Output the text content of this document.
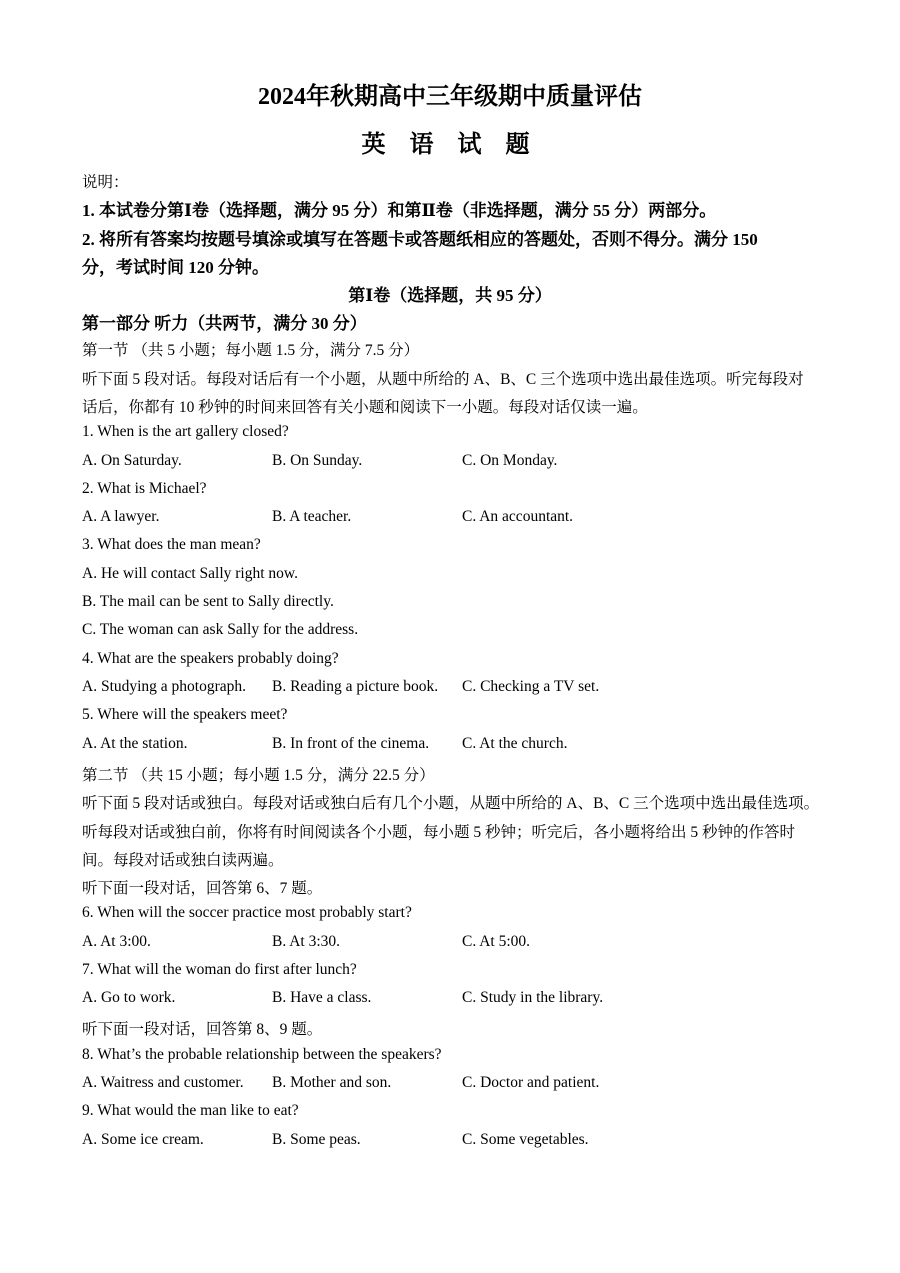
2024年秋期高中三年级期中质量评估
英 语 试 题
说明：
1. 本试卷分第Ⅰ卷（选择题，满分 95 分）和第Ⅱ卷（非选择题，满分 55 分）两部分。
2. 将所有答案均按题号填涂或填写在答题卡或答题纸相应的答题处，否则不得分。满分 150
分，考试时间 120 分钟。
第Ⅰ卷（选择题，共 95 分）
第一部分 听力（共两节，满分 30 分）
第一节 （共 5 小题；每小题 1.5 分，满分 7.5 分）
听下面 5 段对话。每段对话后有一个小题，从题中所给的 A、B、C 三个选项中选出最佳选项。听完每段对
话后，你都有 10 秒钟的时间来回答有关小题和阅读下一小题。每段对话仅读一遍。
1. When is the art gallery closed?
A. On Saturday.	B. On Sunday.	C. On Monday.
2. What is Michael?
A. A lawyer.	B. A teacher.	C. An accountant.
3. What does the man mean?
A. He will contact Sally right now.
B. The mail can be sent to Sally directly.
C. The woman can ask Sally for the address.
4. What are the speakers probably doing?
A. Studying a photograph. B. Reading a picture book. C. Checking a TV set.
5. Where will the speakers meet?
A. At the station.	B. In front of the cinema. C. At the church.
第二节 （共 15 小题；每小题 1.5 分，满分 22.5 分）
听下面 5 段对话或独白。每段对话或独白后有几个小题，从题中所给的 A、B、C 三个选项中选出最佳选项。
听每段对话或独白前，你将有时间阅读各个小题，每小题 5 秒钟；听完后，各小题将给出 5 秒钟的作答时
间。每段对话或独白读两遍。
听下面一段对话，回答第 6、7 题。
6. When will the soccer practice most probably start?
A. At 3:00.	B. At 3:30.	C. At 5:00.
7. What will the woman do first after lunch?
A. Go to work.	B. Have a class.	C. Study in the library.
听下面一段对话，回答第 8、9 题。
8. What’s the probable relationship between the speakers?
A. Waitress and customer. B. Mother and son.	C. Doctor and patient.
9. What would the man like to eat?
A. Some ice cream.	B. Some peas.	C. Some vegetables.
